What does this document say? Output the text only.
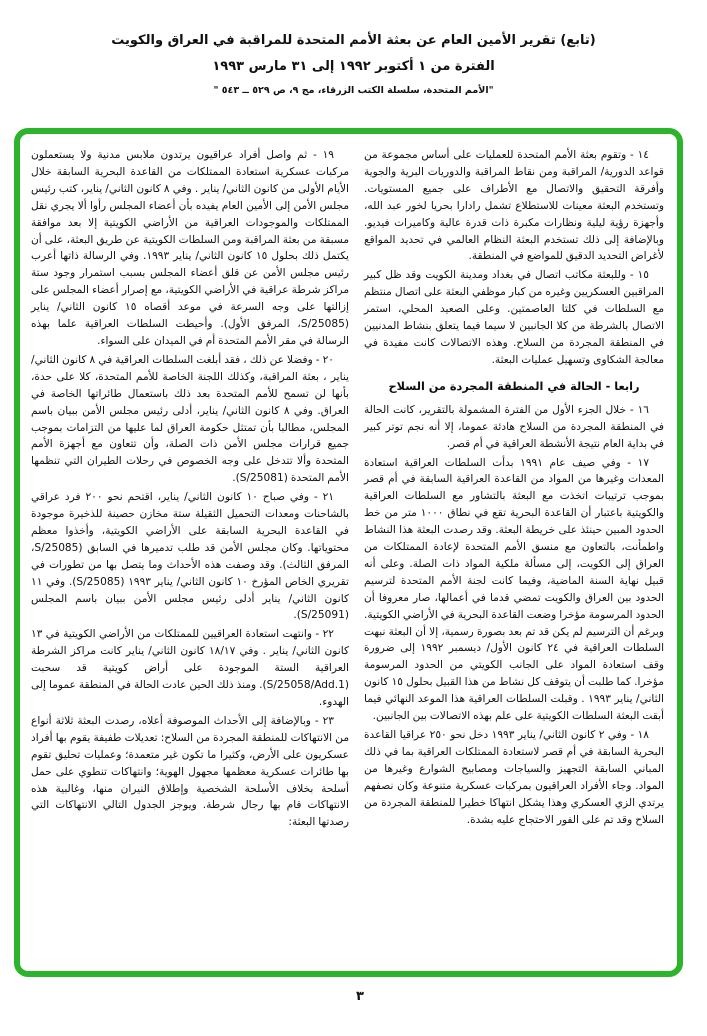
(تابع) تقرير الأمين العام عن بعثة الأمم المتحدة للمراقبة في العراق والكويت
الفترة من ١ أكتوبر ١٩٩٢ إلى ٣١ مارس ١٩٩٣
"الأمم المتحدة، سلسلة الكتب الزرقاء، مج ٩، ص ٥٢٩ ــ ٥٤٣ "

١٤ - وتقوم بعثة الأمم المتحدة للعمليات على أساس مجموعة من قواعد الدورية/ المراقبة ومن نقاط المراقبة والدوريات البرية والجوية وأفرقة التحقيق والاتصال مع الأطراف على جميع المستويات. وتستخدم البعثة معينات للاستطلاع تشمل رادارا بحريا لخور عبد الله، وأجهزة رؤية ليلية ونظارات مكبرة ذات قدرة عالية وكاميرات فيديو. وبالإضافة إلى ذلك تستخدم البعثة النظام العالمي في تحديد المواقع لأغراض التحديد الدقيق للمواضع في المنطقة.

١٥ - وللبعثة مكاتب اتصال في بغداد ومدينة الكويت وقد ظل كبير المراقبين العسكريين وغيره من كبار موظفي البعثة على اتصال منتظم مع السلطات في كلتا العاصمتين. وعلى الصعيد المحلي، استمر الاتصال بالشرطة من كلا الجانبين لا سيما فيما يتعلق بنشاط المدنيين في المنطقة المجردة من السلاح. وهذه الاتصالات كانت مفيدة في معالجة الشكاوى وتسهيل عمليات البعثة.

رابعا - الحالة في المنطقة المجردة من السلاح

١٦ - خلال الجزء الأول من الفترة المشمولة بالتقرير، كانت الحالة في المنطقة المجردة من السلاح هادئة عموما، إلا أنه نجم توتر كبير في بداية العام نتيجة الأنشطة العراقية في أم قصر.

١٧ - وفي صيف عام ١٩٩١ بدأت السلطات العراقية استعادة المعدات وغيرها من المواد من القاعدة العراقية السابقة في أم قصر بموجب ترتيبات اتخذت مع البعثة بالتشاور مع السلطات العراقية والكويتية باعتبار أن القاعدة البحرية تقع في نطاق ١٠٠٠ متر من خط الحدود المبين حينئذ على خريطة البعثة. وقد رصدت البعثة هذا النشاط واطمأنت، بالتعاون مع منسق الأمم المتحدة لإعادة الممتلكات من العراق إلى الكويت، إلى مسألة ملكية المواد ذات الصلة. وعلى أنه قبيل نهاية السنة الماضية، وفيما كانت لجنة الأمم المتحدة لترسيم الحدود بين العراق والكويت تمضي قدما في أعمالها، صار معروفا أن الحدود المرسومة مؤخرا وضعت القاعدة البحرية في الأراضي الكويتية. وبرغم أن الترسيم لم يكن قد تم بعد بصورة رسمية، إلا أن البعثة نبهت السلطات العراقية في ٢٤ كانون الأول/ ديسمبر ١٩٩٢ إلى ضرورة وقف استعادة المواد على الجانب الكويتي من الحدود المرسومة مؤخرا. كما طلبت أن يتوقف كل نشاط من هذا القبيل بحلول ١٥ كانون الثاني/ يناير ١٩٩٣ . وقبلت السلطات العراقية هذا الموعد النهائي فيما أبقت البعثة السلطات الكويتية على علم بهذه الاتصالات بين الجانبين.

١٨ - وفي ٢ كانون الثاني/ يناير ١٩٩٣ دخل نحو ٢٥٠ عراقيا القاعدة البحرية السابقة في أم قصر لاستعادة الممتلكات العراقية بما في ذلك المباني السابقة التجهيز والسياجات ومصابيح الشوارع وغيرها من المواد. وجاء الأفراد العراقيون بمركبات عسكرية متنوعة وكان نصفهم يرتدي الزي العسكري وهذا يشكل انتهاكا خطيرا للمنطقة المجردة من السلاح وقد تم على الفور الاحتجاج عليه بشدة.

١٩ - ثم واصل أفراد عراقيون يرتدون ملابس مدنية ولا يستعملون مركبات عسكرية استعادة الممتلكات من القاعدة البحرية السابقة خلال الأيام الأولى من كانون الثاني/ يناير . وفي ٨ كانون الثاني/ يناير، كتب رئيس مجلس الأمن إلى الأمين العام يفيده بأن أعضاء المجلس رأوا ألا يجري نقل الممتلكات والموجودات العراقية من الأراضي الكويتية إلا بعد موافقة مسبقة من بعثة المراقبة ومن السلطات الكويتية عن طريق البعثة، على أن يكتمل ذلك بحلول ١٥ كانون الثاني/ يناير ١٩٩٣. وفي الرسالة ذاتها أعرب رئيس مجلس الأمن عن قلق أعضاء المجلس بسبب استمرار وجود ستة مراكز شرطة عراقية في الأراضي الكويتية، مع إصرار أعضاء المجلس على إزالتها على وجه السرعة في موعد أقصاه ١٥ كانون الثاني/ يناير (S/25085، المرفق الأول). وأحيطت السلطات العراقية علما بهذه الرسالة في مقر الأمم المتحدة أم في الميدان على السواء.

٢٠ - وفضلا عن ذلك ، فقد أبلغت السلطات العراقية في ٨ كانون الثاني/ يناير ، بعثة المراقبة، وكذلك اللجنة الخاصة للأمم المتحدة، كلا على حدة، بأنها لن تسمح للأمم المتحدة بعد ذلك باستعمال طائراتها الخاصة في العراق. وفي ٨ كانون الثاني/ يناير، أدلى رئيس مجلس الأمن ببيان باسم المجلس، مطالبا بأن تمتثل حكومة العراق لما عليها من التزامات بموجب جميع قرارات مجلس الأمن ذات الصلة، وأن تتعاون مع أجهزة الأمم المتحدة وألا تتدخل على وجه الخصوص في رحلات الطيران التي تنظمها الأمم المتحدة (S/25081).

٢١ - وفي صباح ١٠ كانون الثاني/ يناير، اقتحم نحو ٢٠٠ فرد عراقي بالشاحنات ومعدات التحميل الثقيلة ستة مخازن حصينة للذخيرة موجودة في القاعدة البحرية السابقة على الأراضي الكويتية، وأخذوا معظم محتوياتها. وكان مجلس الأمن قد طلب تدميرها في السابق (S/25085، المرفق الثالث). وقد وصفت هذه الأحداث وما يتصل بها من تطورات في تقريري الخاص المؤرخ ١٠ كانون الثاني/ يناير ١٩٩٣ (S/25085). وفي ١١ كانون الثاني/ يناير أدلى رئيس مجلس الأمن ببيان باسم المجلس (S/25091).

٢٢ - وانتهت استعادة العراقيين للممتلكات من الأراضي الكويتية في ١٣ كانون الثاني/ يناير . وفي ١٨/١٧ كانون الثاني/ يناير كانت مراكز الشرطة العراقية الستة الموجودة على أراض كويتية قد سحبت (S/25058/Add.1). ومنذ ذلك الحين عادت الحالة في المنطقة عموما إلى الهدوء.

٢٣ - وبالإضافة إلى الأحداث الموصوفة أعلاه، رصدت البعثة ثلاثة أنواع من الانتهاكات للمنطقة المجردة من السلاح: تعديلات طفيفة يقوم بها أفراد عسكريون على الأرض، وكثيرا ما تكون غير متعمدة؛ وعمليات تحليق تقوم بها طائرات عسكرية معظمها مجهول الهوية؛ وانتهاكات تنطوي على حمل أسلحة بخلاف الأسلحة الشخصية وإطلاق النيران منها، وغالبية هذه الانتهاكات قام بها رجال شرطة. ويوجز الجدول التالي الانتهاكات التي رصدتها البعثة:

٣
